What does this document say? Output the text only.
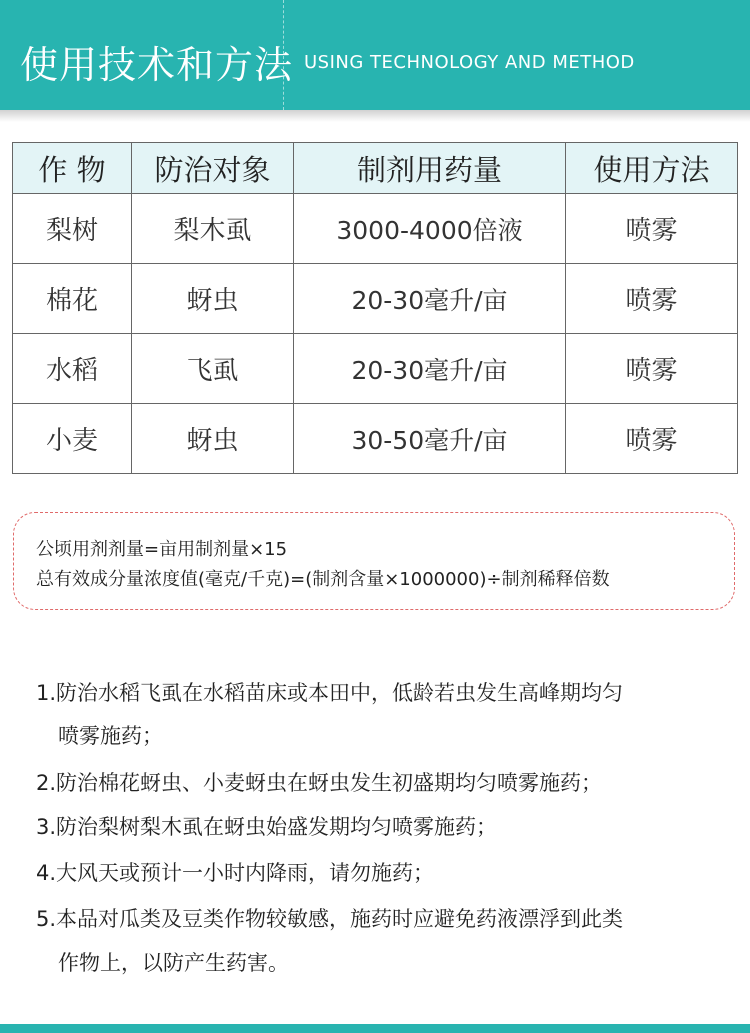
使用技术和方法 USING TECHNOLOGY AND METHOD
作 物	防治对象	制剂用药量	使用方法
梨树	梨木虱	3000-4000倍液	喷雾
棉花	蚜虫	20-30毫升/亩	喷雾
水稻	飞虱	20-30毫升/亩	喷雾
小麦	蚜虫	30-50毫升/亩	喷雾
公顷用剂剂量=亩用制剂量×15
总有效成分量浓度值(毫克/千克)=(制剂含量×1000000)÷制剂稀释倍数
1.防治水稻飞虱在水稻苗床或本田中，低龄若虫发生高峰期均匀
喷雾施药；
2.防治棉花蚜虫、小麦蚜虫在蚜虫发生初盛期均匀喷雾施药；
3.防治梨树梨木虱在蚜虫始盛发期均匀喷雾施药；
4.大风天或预计一小时内降雨，请勿施药；
5.本品对瓜类及豆类作物较敏感，施药时应避免药液漂浮到此类
作物上，以防产生药害。
